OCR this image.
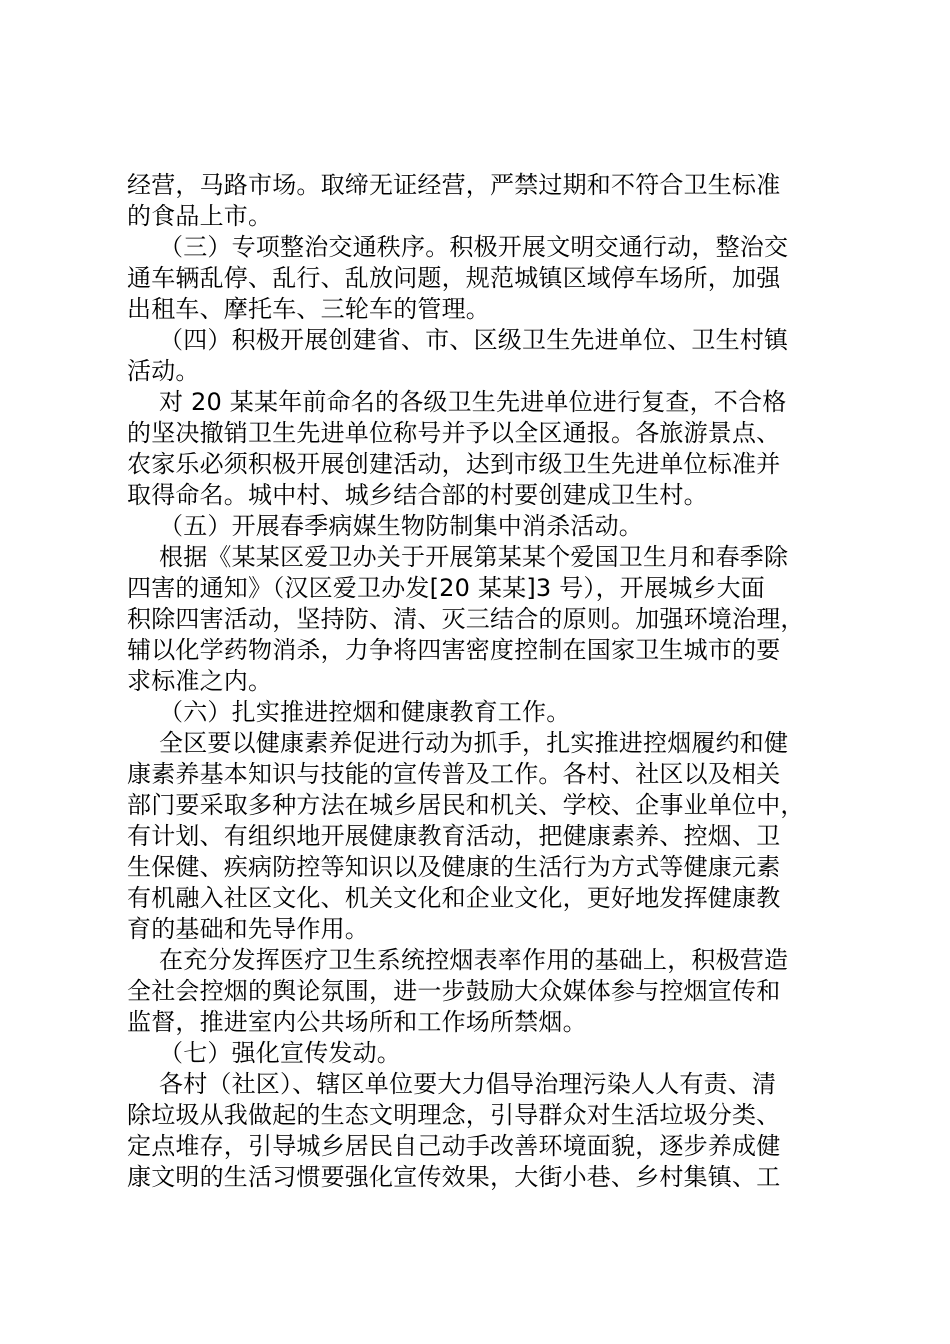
经营，马路市场。取缔无证经营，严禁过期和不符合卫生标准
的食品上市。
（三）专项整治交通秩序。积极开展文明交通行动，整治交
通车辆乱停、乱行、乱放问题，规范城镇区域停车场所，加强
出租车、摩托车、三轮车的管理。
（四）积极开展创建省、市、区级卫生先进单位、卫生村镇
活动。
对 20 某某年前命名的各级卫生先进单位进行复查，不合格
的坚决撤销卫生先进单位称号并予以全区通报。各旅游景点、
农家乐必须积极开展创建活动，达到市级卫生先进单位标准并
取得命名。城中村、城乡结合部的村要创建成卫生村。
（五）开展春季病媒生物防制集中消杀活动。
根据《某某区爱卫办关于开展第某某个爱国卫生月和春季除
四害的通知》（汉区爱卫办发[20 某某]3 号），开展城乡大面
积除四害活动，坚持防、清、灭三结合的原则。加强环境治理，
辅以化学药物消杀，力争将四害密度控制在国家卫生城市的要
求标准之内。
（六）扎实推进控烟和健康教育工作。
全区要以健康素养促进行动为抓手，扎实推进控烟履约和健
康素养基本知识与技能的宣传普及工作。各村、社区以及相关
部门要采取多种方法在城乡居民和机关、学校、企事业单位中，
有计划、有组织地开展健康教育活动，把健康素养、控烟、卫
生保健、疾病防控等知识以及健康的生活行为方式等健康元素
有机融入社区文化、机关文化和企业文化，更好地发挥健康教
育的基础和先导作用。
在充分发挥医疗卫生系统控烟表率作用的基础上，积极营造
全社会控烟的舆论氛围，进一步鼓励大众媒体参与控烟宣传和
监督，推进室内公共场所和工作场所禁烟。
（七）强化宣传发动。
各村（社区）、辖区单位要大力倡导治理污染人人有责、清
除垃圾从我做起的生态文明理念，引导群众对生活垃圾分类、
定点堆存，引导城乡居民自己动手改善环境面貌，逐步养成健
康文明的生活习惯要强化宣传效果，大街小巷、乡村集镇、工
